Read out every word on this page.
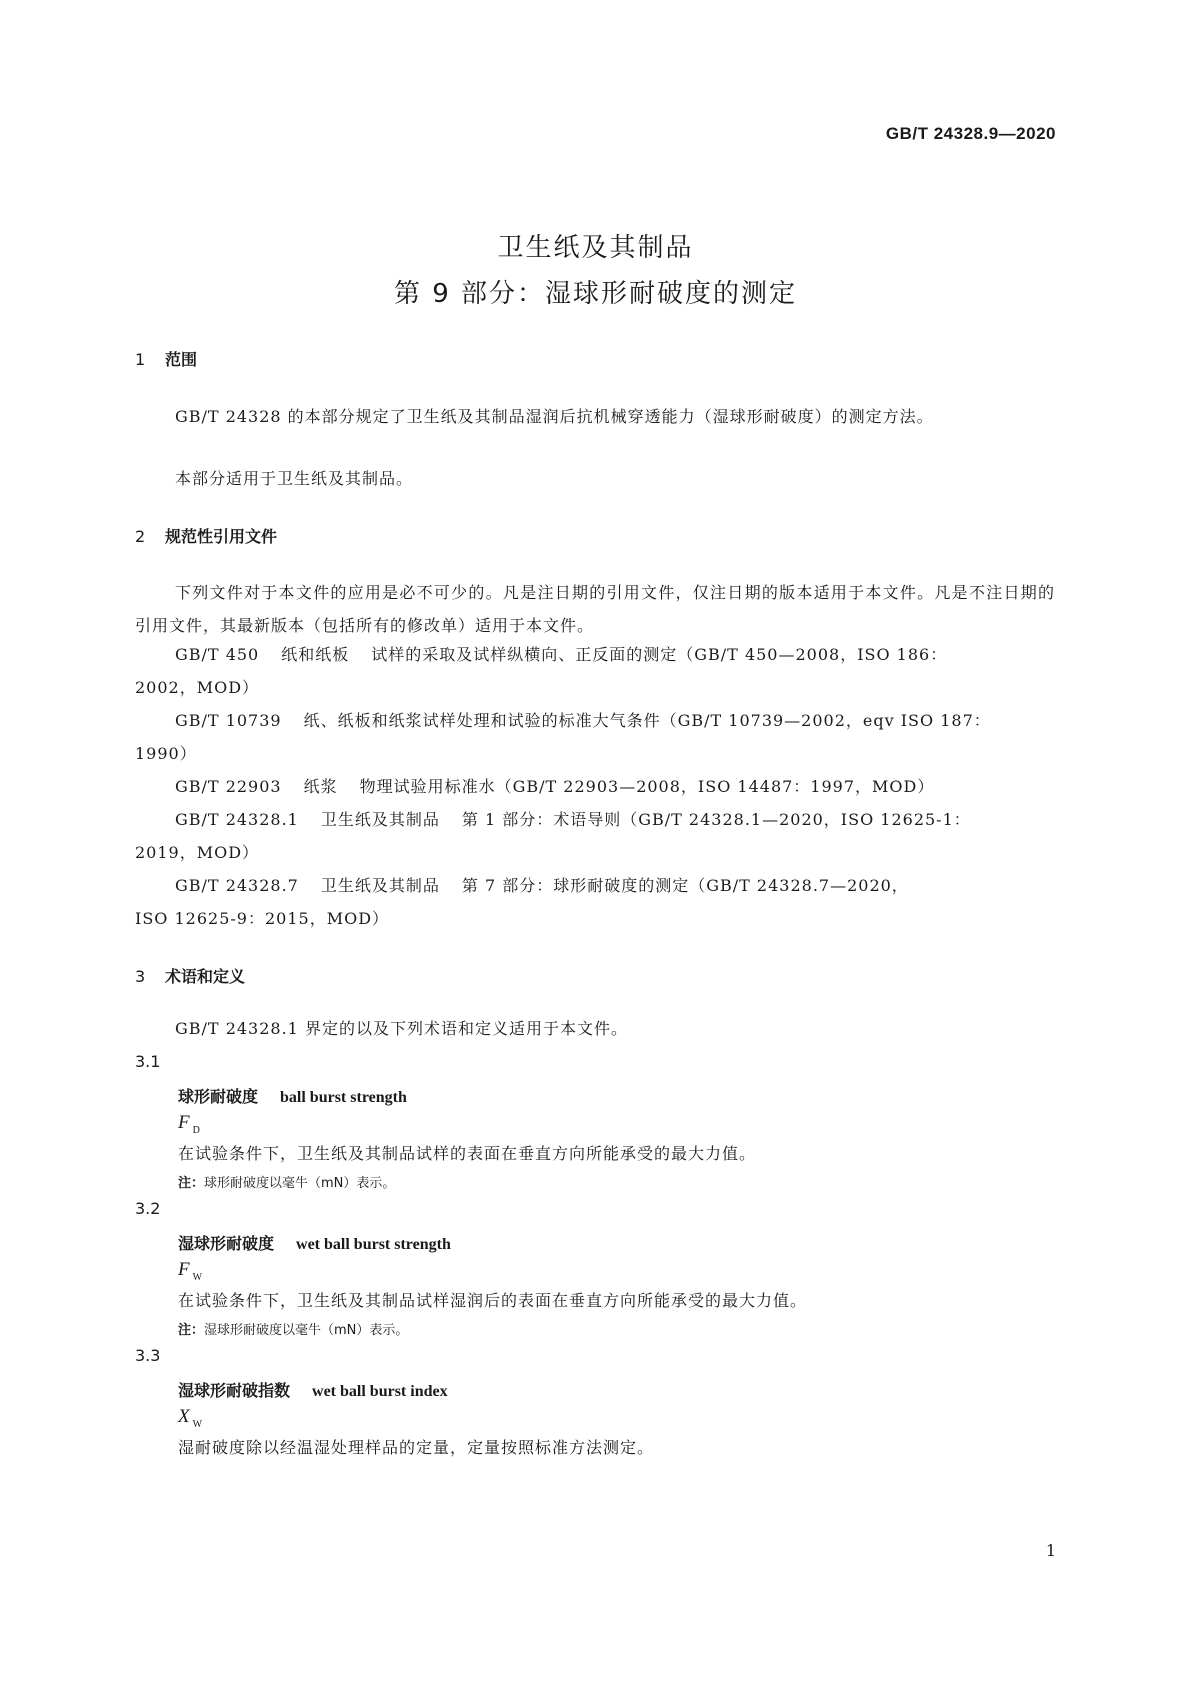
GB/T 24328.9—2020
卫生纸及其制品
第 9 部分：湿球形耐破度的测定
1 范围
GB/T 24328 的本部分规定了卫生纸及其制品湿润后抗机械穿透能力（湿球形耐破度）的测定方法。
本部分适用于卫生纸及其制品。
2 规范性引用文件
下列文件对于本文件的应用是必不可少的。凡是注日期的引用文件，仅注日期的版本适用于本文件。凡是不注日期的引用文件，其最新版本（包括所有的修改单）适用于本文件。
GB/T 450 纸和纸板 试样的采取及试样纵横向、正反面的测定（GB/T 450—2008，ISO 186：
2002，MOD）
GB/T 10739 纸、纸板和纸浆试样处理和试验的标准大气条件（GB/T 10739—2002，eqv ISO 187：
1990）
GB/T 22903 纸浆 物理试验用标准水（GB/T 22903—2008，ISO 14487：1997，MOD）
GB/T 24328.1 卫生纸及其制品 第 1 部分：术语导则（GB/T 24328.1—2020，ISO 12625-1：
2019，MOD）
GB/T 24328.7 卫生纸及其制品 第 7 部分：球形耐破度的测定（GB/T 24328.7—2020，
ISO 12625-9：2015，MOD）
3 术语和定义
GB/T 24328.1 界定的以及下列术语和定义适用于本文件。
3.1
球形耐破度 ball burst strength
F $_D$
在试验条件下，卫生纸及其制品试样的表面在垂直方向所能承受的最大力值。
注：球形耐破度以毫牛（mN）表示。
3.2
湿球形耐破度 wet ball burst strength
F $_W$
在试验条件下，卫生纸及其制品试样湿润后的表面在垂直方向所能承受的最大力值。
注：湿球形耐破度以毫牛（mN）表示。
3.3
湿球形耐破指数 wet ball burst index
X $_W$
湿耐破度除以经温湿处理样品的定量，定量按照标准方法测定。
1
